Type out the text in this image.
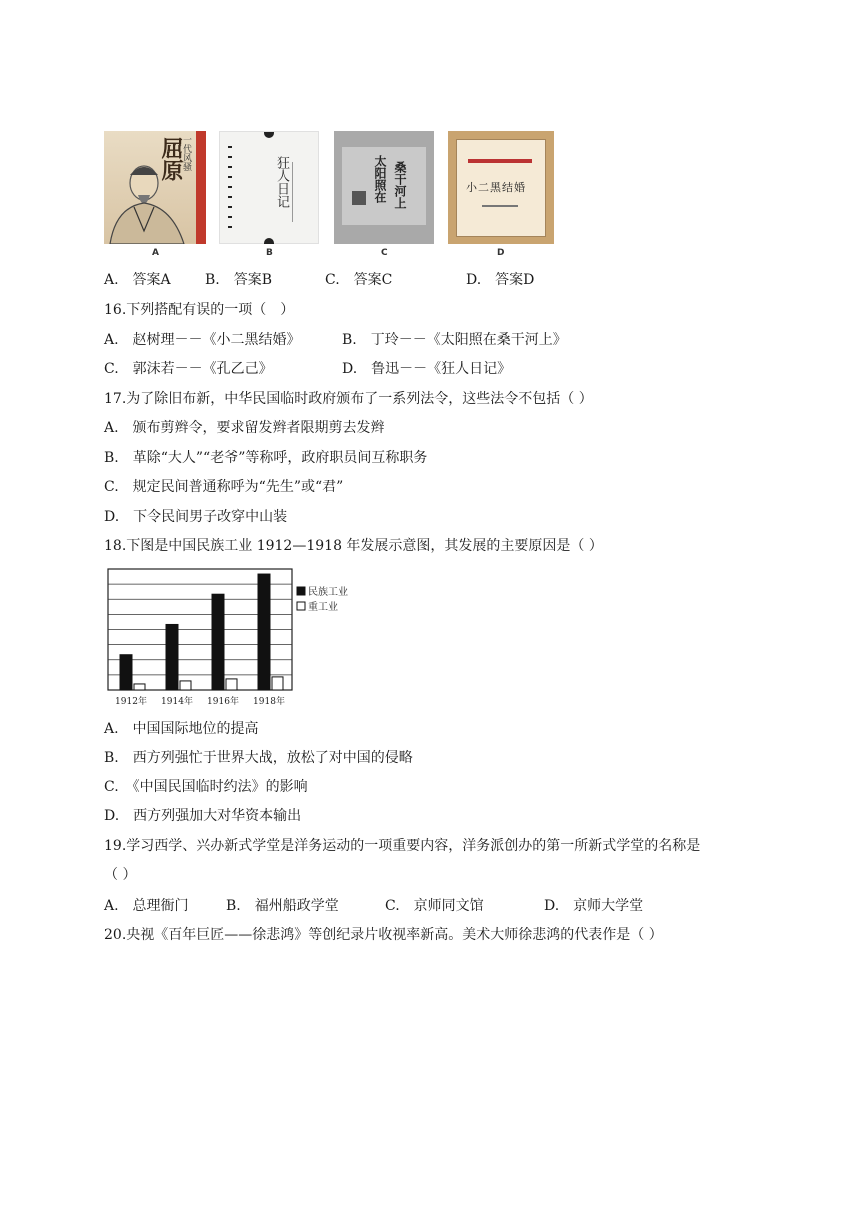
一代风骚
屈原	狂人日记	太阳照在 桑干河上	小二黑结婚
A	B	C	D
A.　答案A B.　答案B	C.　答案C	D.　答案D
16.下列搭配有误的一项（　）
A.　赵树理－－《小二黑结婚》	B.　丁玲－－《太阳照在桑干河上》
C.　郭沫若－－《孔乙己》	D.　鲁迅－－《狂人日记》
17.为了除旧布新，中华民国临时政府颁布了一系列法令，这些法令不包括（ ）
A.　颁布剪辫令，要求留发辫者限期剪去发辫
B.　革除“大人”“老爷”等称呼，政府职员间互称职务
C.　规定民间普通称呼为“先生”或“君”
D.　下令民间男子改穿中山装
18.下图是中国民族工业 1912—1918 年发展示意图，其发展的主要原因是（ ）
1912年 1914年 1916年 1918年
民族工业
重工业
A.　中国国际地位的提高
B.　西方列强忙于世界大战，放松了对中国的侵略
C.　《中国民国临时约法》的影响
D.　西方列强加大对华资本输出
19.学习西学、兴办新式学堂是洋务运动的一项重要内容，洋务派创办的第一所新式学堂的名称是
（ ）
A.　总理衙门	B.　福州船政学堂	C.　京师同文馆	D.　京师大学堂
20.央视《百年巨匠——徐悲鸿》等创纪录片收视率新高。美术大师徐悲鸿的代表作是（ ）
